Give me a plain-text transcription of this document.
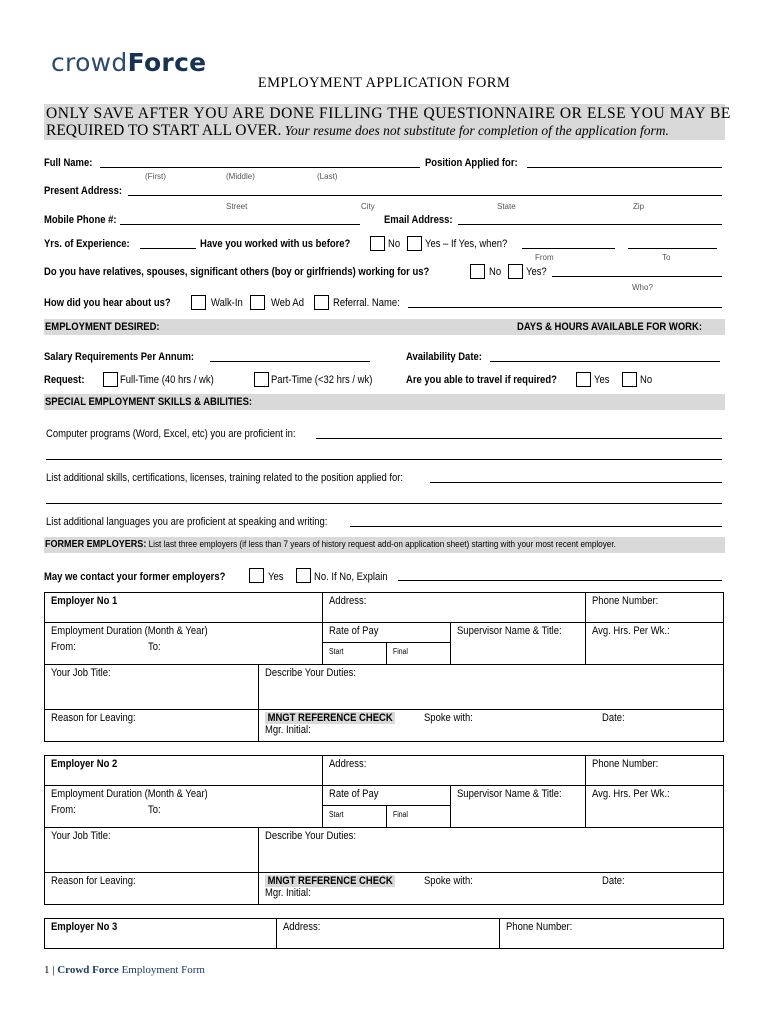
crowdForce
EMPLOYMENT APPLICATION FORM
ONLY SAVE AFTER YOU ARE DONE FILLING THE QUESTIONNAIRE OR ELSE YOU MAY BE
REQUIRED TO START ALL OVER. Your resume does not substitute for completion of the application form.
Full Name:	Position Applied for:
(First)	(Middle)	(Last)
Present Address:
Street	City	State	Zip
Mobile Phone #:	Email Address:
Yrs. of Experience:	Have you worked with us before?	No Yes – If Yes, when?
From	To
Do you have relatives, spouses, significant others (boy or girlfriends) working for us?	No Yes?
Who?
How did you hear about us?	Walk-In	Web Ad	Referral. Name:
EMPLOYMENT DESIRED:	DAYS & HOURS AVAILABLE FOR WORK:
Salary Requirements Per Annum:	Availability Date:
Request:	Full-Time (40 hrs / wk)	Part-Time (<32 hrs / wk)	Are you able to travel if required?	Yes	No
SPECIAL EMPLOYMENT SKILLS & ABILITIES:
Computer programs (Word, Excel, etc) you are proficient in:
List additional skills, certifications, licenses, training related to the position applied for:
List additional languages you are proficient at speaking and writing:
FORMER EMPLOYERS: List last three employers (if less than 7 years of history request add-on application sheet) starting with your most recent employer.
May we contact your former employers?	Yes	No. If No, Explain
Employer No 1		Address:			Phone Number:
Employment Duration (Month & Year)
From: To:		Rate of Pay		Supervisor Name & Title:	Avg. Hrs. Per Wk.:
		Start	Final		
Your Job Title:	Describe Your Duties:				
Reason for Leaving:	MNGT REFERENCE CHECK Spoke with: Date:

Mgr. Initial:				
Employer No 2		Address:			Phone Number:
Employment Duration (Month & Year)
From: To:		Rate of Pay		Supervisor Name & Title:	Avg. Hrs. Per Wk.:
		Start	Final		
Your Job Title:	Describe Your Duties:				
Reason for Leaving:	MNGT REFERENCE CHECK Spoke with: Date:

Mgr. Initial:				
Employer No 3	Address:	Phone Number:
1 | Crowd Force Employment Form
